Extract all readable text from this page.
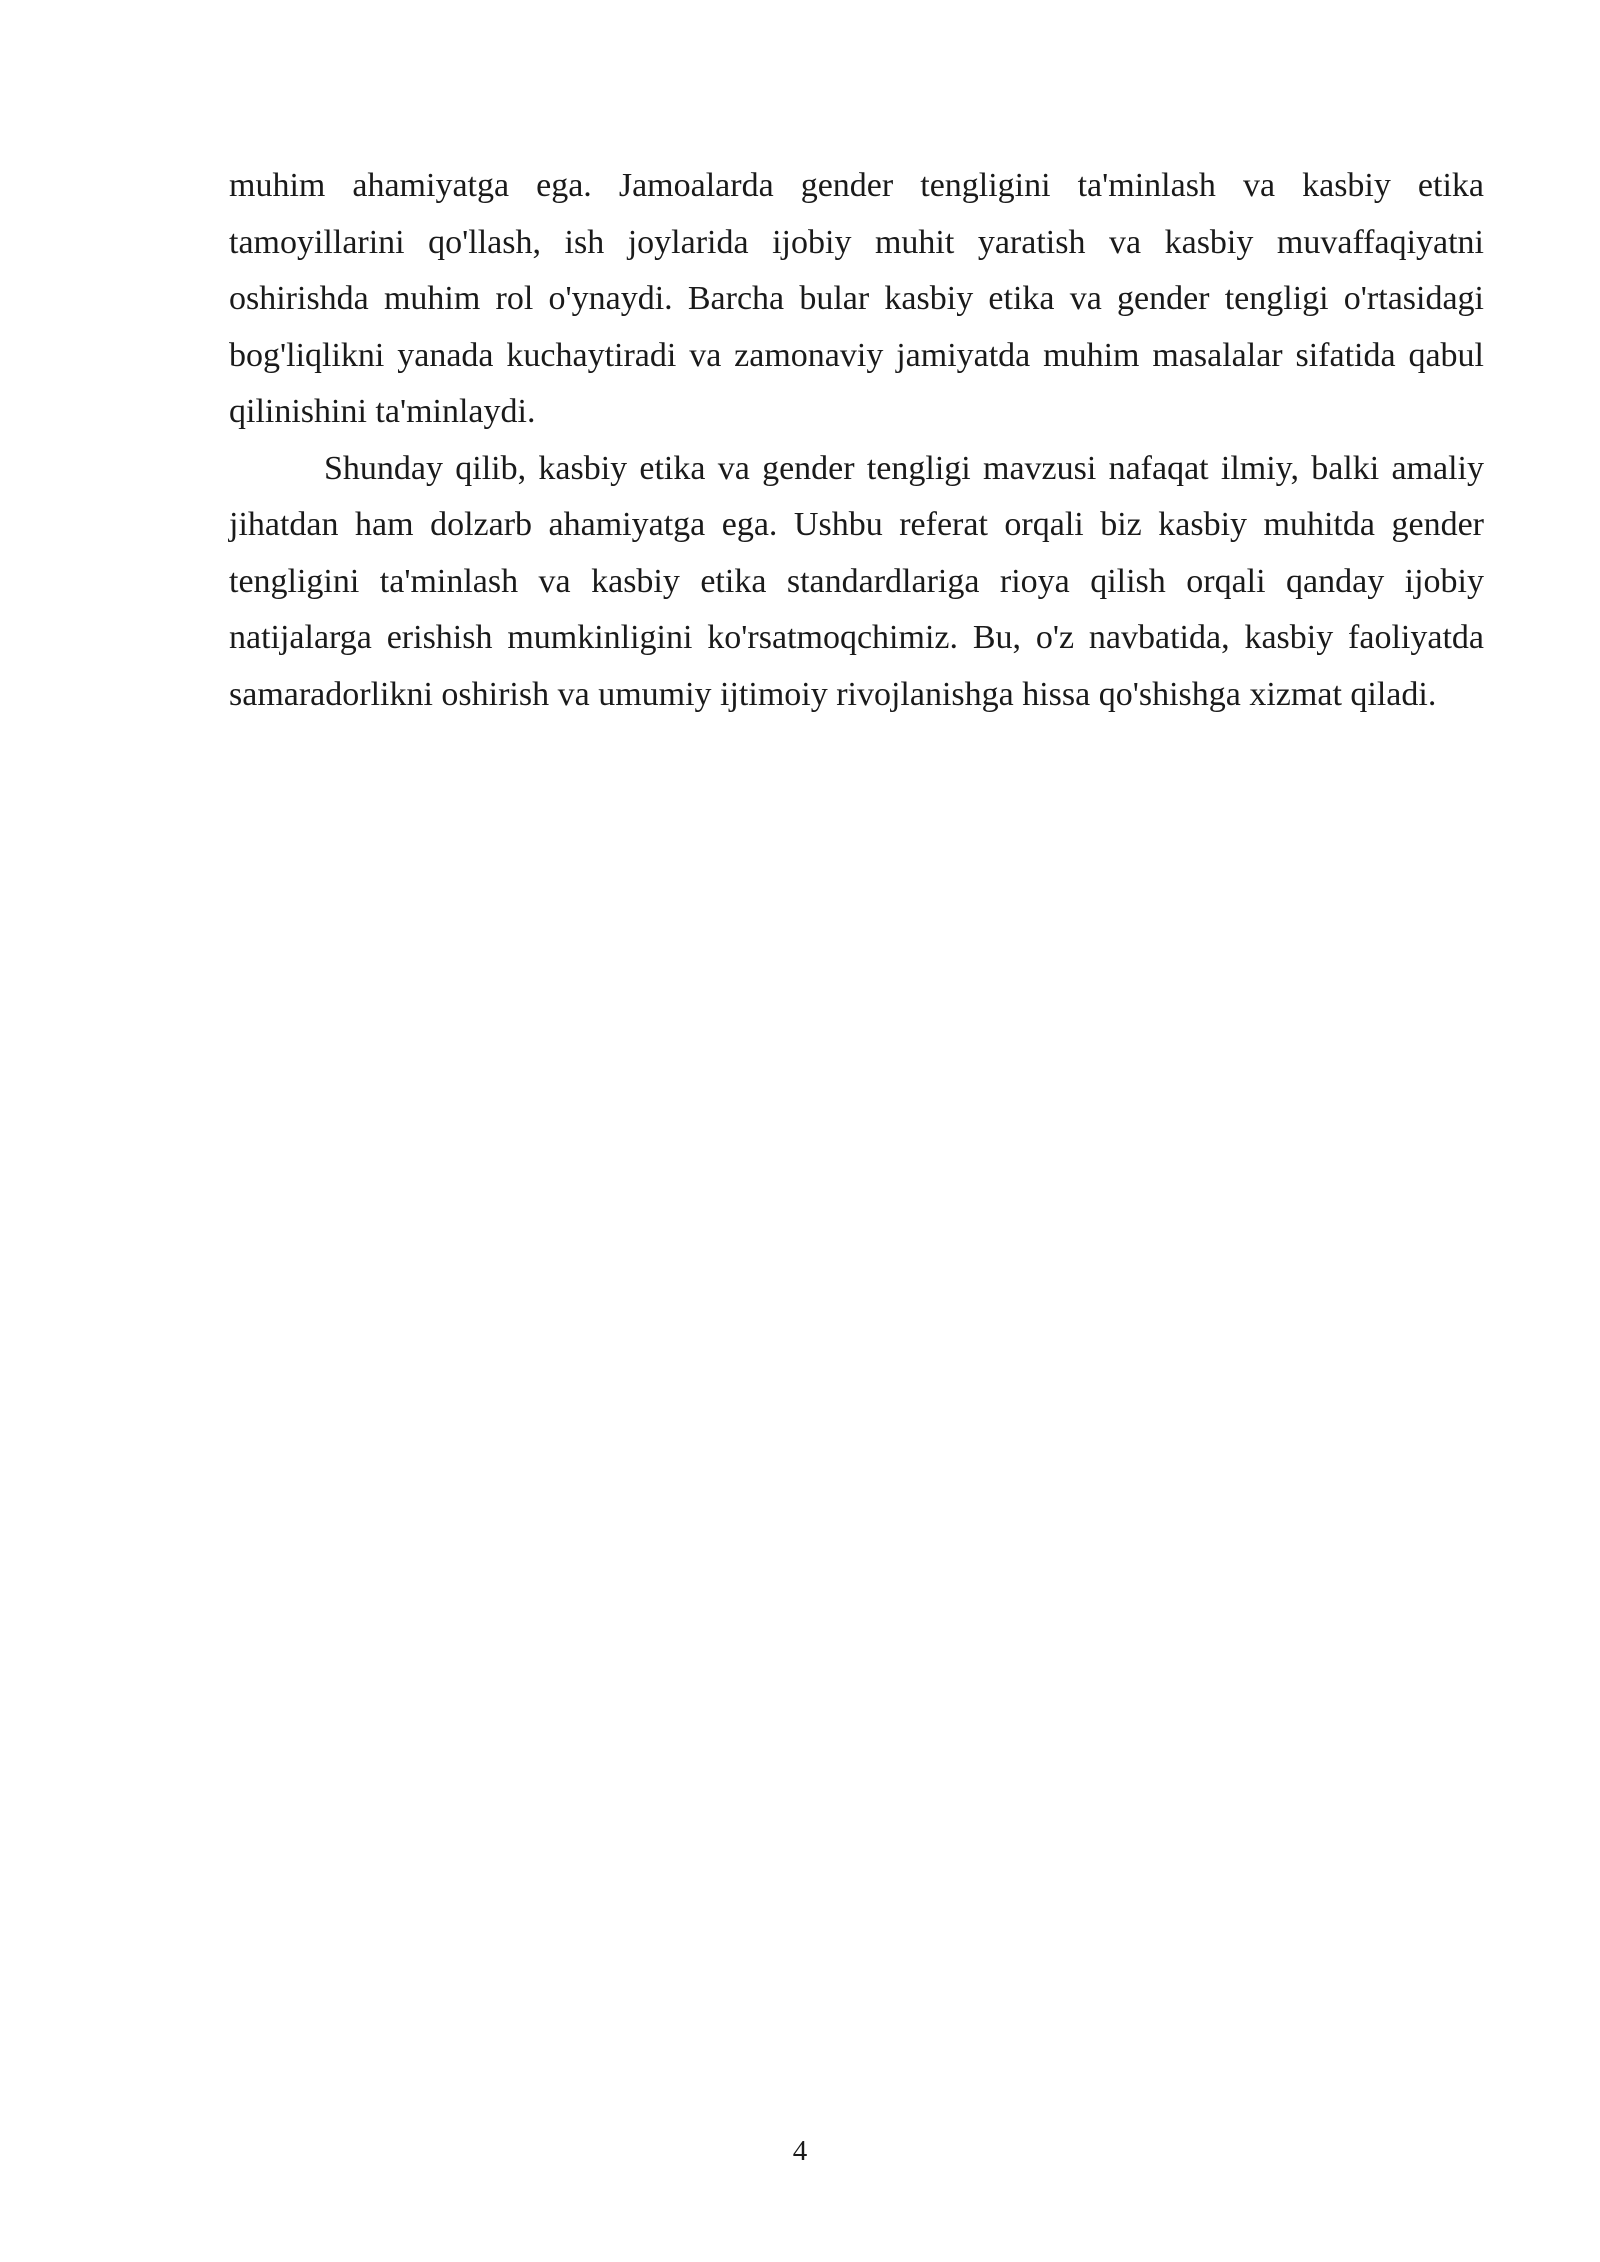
muhim ahamiyatga ega. Jamoalarda gender tengligini ta'minlash va kasbiy etika tamoyillarini qo'llash, ish joylarida ijobiy muhit yaratish va kasbiy muvaffaqiyatni oshirishda muhim rol o'ynaydi. Barcha bular kasbiy etika va gender tengligi o'rtasidagi bog'liqlikni yanada kuchaytiradi va zamonaviy jamiyatda muhim masalalar sifatida qabul qilinishini ta'minlaydi.

Shunday qilib, kasbiy etika va gender tengligi mavzusi nafaqat ilmiy, balki amaliy jihatdan ham dolzarb ahamiyatga ega. Ushbu referat orqali biz kasbiy muhitda gender tengligini ta'minlash va kasbiy etika standardlariga rioya qilish orqali qanday ijobiy natijalarga erishish mumkinligini ko'rsatmoqchimiz. Bu, o'z navbatida, kasbiy faoliyatda samaradorlikni oshirish va umumiy ijtimoiy rivojlanishga hissa qo'shishga xizmat qiladi.

4
